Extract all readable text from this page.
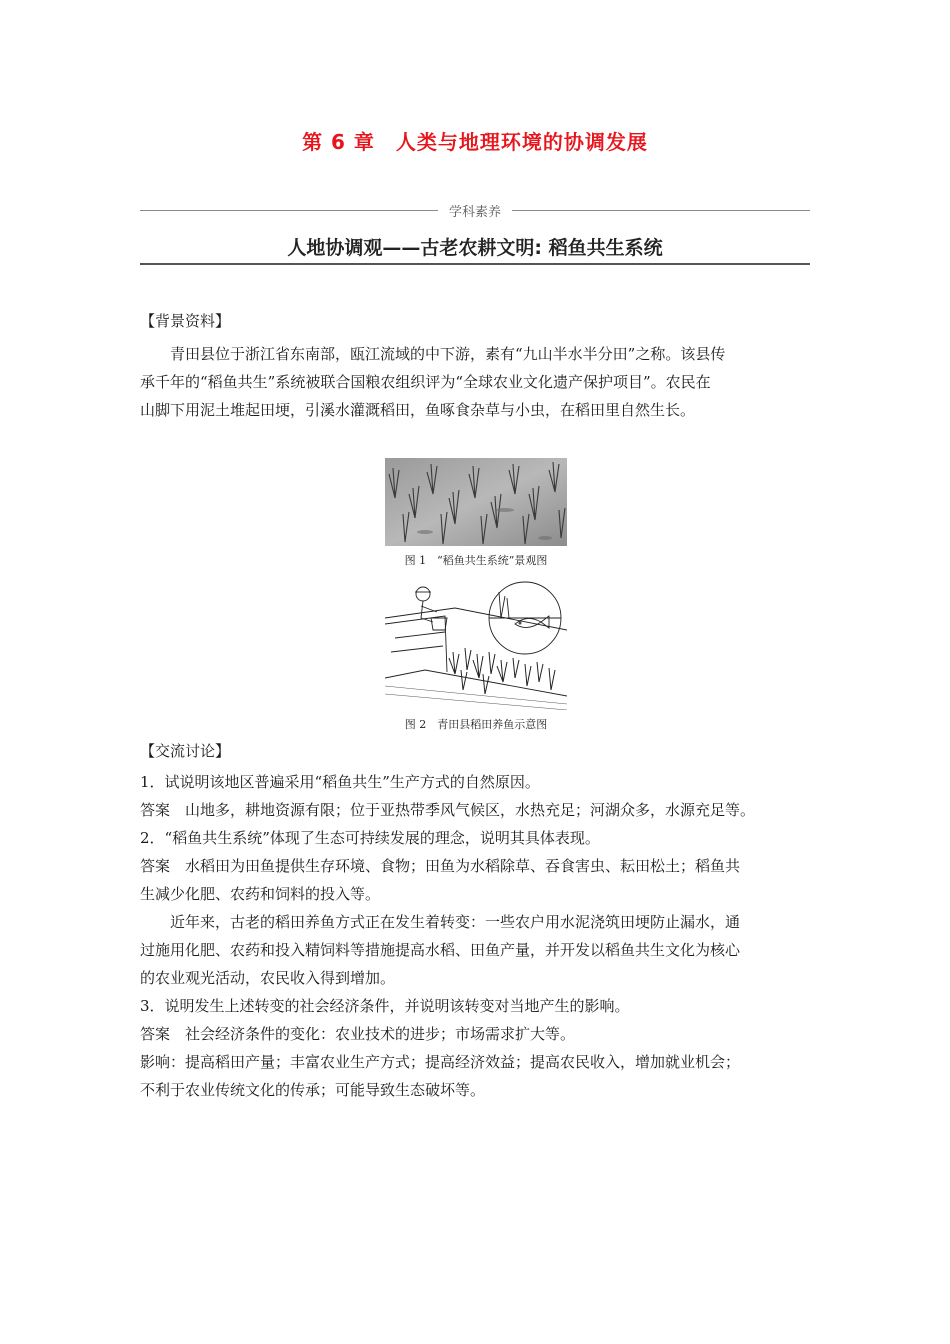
第 6 章　人类与地理环境的协调发展
学科素养
人地协调观——古老农耕文明: 稻鱼共生系统
【背景资料】

青田县位于浙江省东南部，瓯江流域的中下游，素有“九山半水半分田”之称。该县传

承千年的“稻鱼共生”系统被联合国粮农组织评为“全球农业文化遗产保护项目”。农民在

山脚下用泥土堆起田埂，引溪水灌溉稻田，鱼啄食杂草与小虫，在稻田里自然生长。

图 1　“稻鱼共生系统”景观图
图 2　青田县稻田养鱼示意图
【交流讨论】

1．试说明该地区普遍采用“稻鱼共生”生产方式的自然原因。

答案　山地多，耕地资源有限；位于亚热带季风气候区，水热充足；河湖众多，水源充足等。

2．“稻鱼共生系统”体现了生态可持续发展的理念，说明其具体表现。

答案　水稻田为田鱼提供生存环境、食物；田鱼为水稻除草、吞食害虫、耘田松土；稻鱼共

生减少化肥、农药和饲料的投入等。

近年来，古老的稻田养鱼方式正在发生着转变：一些农户用水泥浇筑田埂防止漏水，通

过施用化肥、农药和投入精饲料等措施提高水稻、田鱼产量，并开发以稻鱼共生文化为核心

的农业观光活动，农民收入得到增加。

3．说明发生上述转变的社会经济条件，并说明该转变对当地产生的影响。

答案　社会经济条件的变化：农业技术的进步；市场需求扩大等。

影响：提高稻田产量；丰富农业生产方式；提高经济效益；提高农民收入，增加就业机会；

不利于农业传统文化的传承；可能导致生态破坏等。
